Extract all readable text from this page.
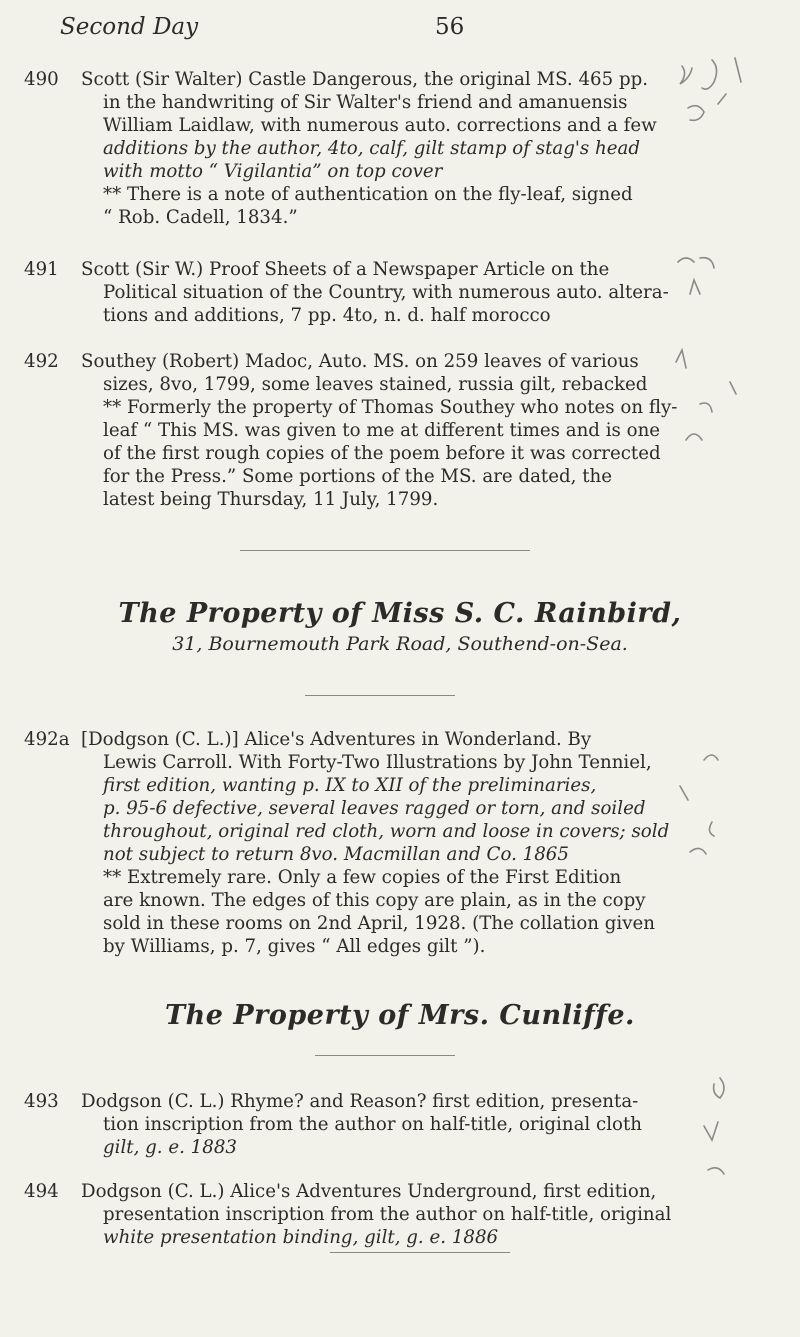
Second Day	56
490	Scott (Sir Walter) Castle Dangerous, the original MS. 465 pp.
in the handwriting of Sir Walter's friend and amanuensis
William Laidlaw, with numerous auto. corrections and a few
additions by the author, 4to, calf, gilt stamp of stag's head
with motto “ Vigilantia” on top cover
** There is a note of authentication on the fly-leaf, signed
“ Rob. Cadell, 1834.”
491	Scott (Sir W.) Proof Sheets of a Newspaper Article on the
Political situation of the Country, with numerous auto. altera-
tions and additions, 7 pp. 4to, n. d. half morocco
492	Southey (Robert) Madoc, Auto. MS. on 259 leaves of various
sizes, 8vo, 1799, some leaves stained, russia gilt, rebacked
** Formerly the property of Thomas Southey who notes on fly-
leaf “ This MS. was given to me at different times and is one
of the first rough copies of the poem before it was corrected
for the Press.” Some portions of the MS. are dated, the
latest being Thursday, 11 July, 1799.
The Property of Miss S. C. Rainbird,
31, Bournemouth Park Road, Southend-on-Sea.
492a [Dodgson (C. L.)] Alice's Adventures in Wonderland. By
Lewis Carroll. With Forty-Two Illustrations by John Tenniel,
first edition, wanting p. IX to XII of the preliminaries,
p. 95-6 defective, several leaves ragged or torn, and soiled
throughout, original red cloth, worn and loose in covers; sold
not subject to return 8vo. Macmillan and Co. 1865
** Extremely rare. Only a few copies of the First Edition
are known. The edges of this copy are plain, as in the copy
sold in these rooms on 2nd April, 1928. (The collation given
by Williams, p. 7, gives “ All edges gilt ”).
The Property of Mrs. Cunliffe.
493	Dodgson (C. L.) Rhyme? and Reason? first edition, presenta-
tion inscription from the author on half-title, original cloth
gilt, g. e. 1883
494	Dodgson (C. L.) Alice's Adventures Underground, first edition,
presentation inscription from the author on half-title, original
white presentation binding, gilt, g. e. 1886
